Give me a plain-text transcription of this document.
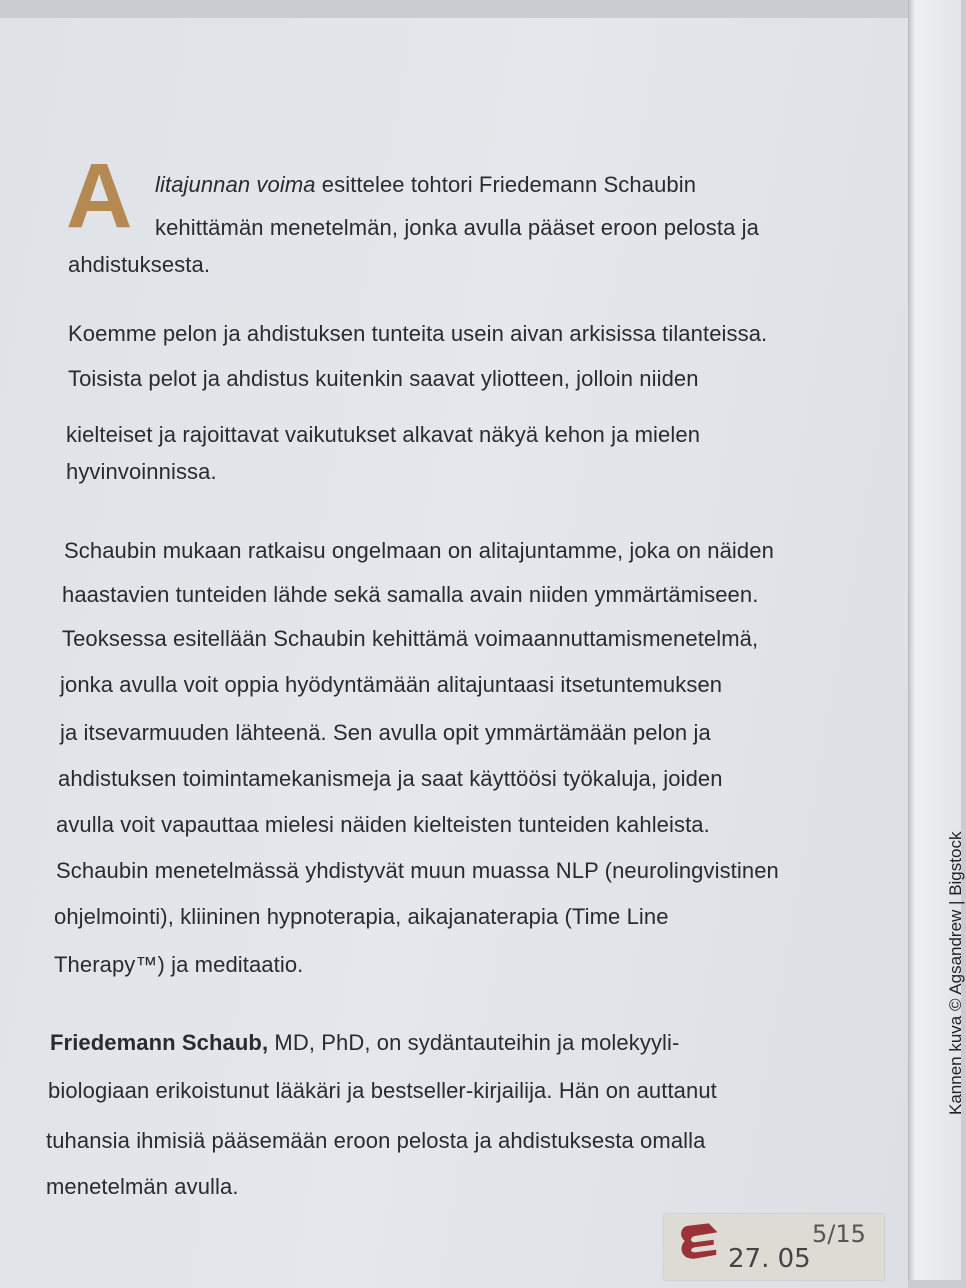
A litajunnan voima esittelee tohtori Friedemann Schaubin
kehittämän menetelmän, jonka avulla pääset eroon pelosta ja
ahdistuksesta.
Koemme pelon ja ahdistuksen tunteita usein aivan arkisissa tilanteissa.
Toisista pelot ja ahdistus kuitenkin saavat yliotteen, jolloin niiden
kielteiset ja rajoittavat vaikutukset alkavat näkyä kehon ja mielen
hyvinvoinnissa.
Schaubin mukaan ratkaisu ongelmaan on alitajuntamme, joka on näiden
haastavien tunteiden lähde sekä samalla avain niiden ymmärtämiseen.
Teoksessa esitellään Schaubin kehittämä voimaannuttamismenetelmä,
jonka avulla voit oppia hyödyntämään alitajuntaasi itsetuntemuksen
ja itsevarmuuden lähteenä. Sen avulla opit ymmärtämään pelon ja
ahdistuksen toimintamekanismeja ja saat käyttöösi työkaluja, joiden
avulla voit vapauttaa mielesi näiden kielteisten tunteiden kahleista.
Schaubin menetelmässä yhdistyvät muun muassa NLP (neurolingvistinen
ohjelmointi), kliininen hypnoterapia, aikajanaterapia (Time Line
Therapy™) ja meditaatio.
Friedemann Schaub, MD, PhD, on sydäntauteihin ja molekyyli-
biologiaan erikoistunut lääkäri ja bestseller-kirjailija. Hän on auttanut
tuhansia ihmisiä pääsemään eroon pelosta ja ahdistuksesta omalla
menetelmän avulla.
Kannen kuva © Agsandrew | Bigstock
5/15
27. 05
